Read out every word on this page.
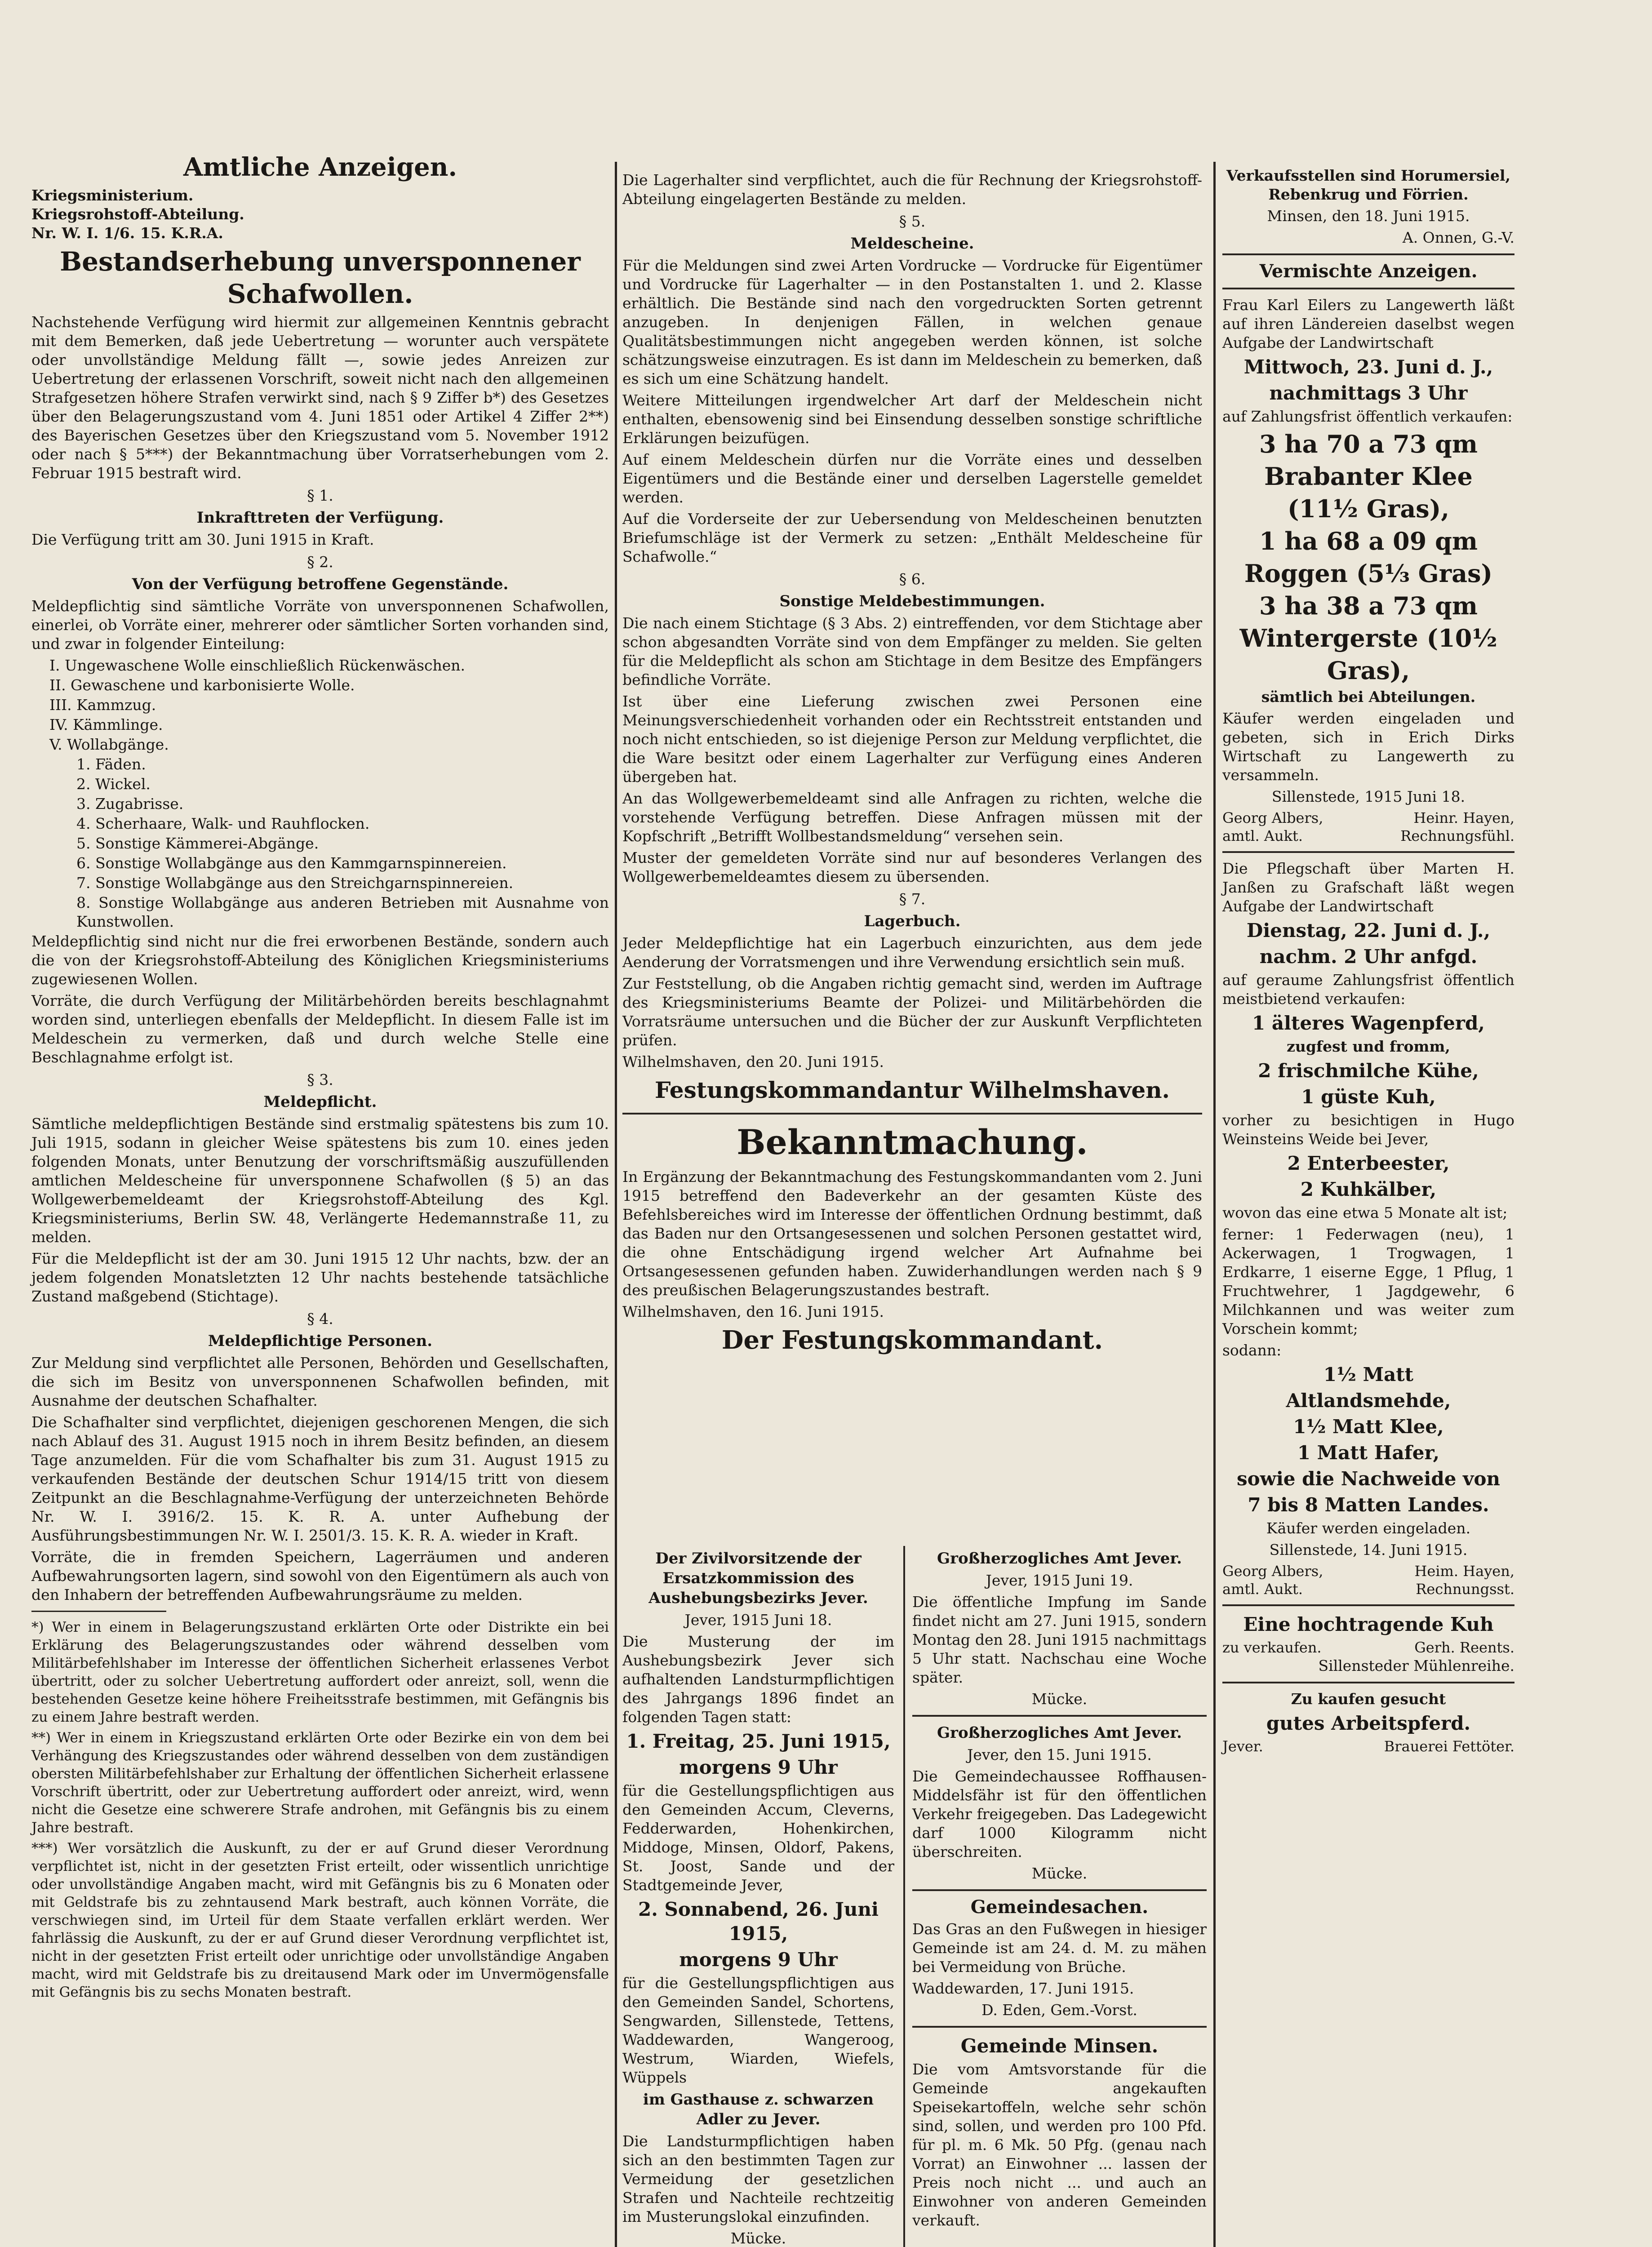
Amtliche Anzeigen.

Kriegsministerium.

Kriegsrohstoff-Abteilung.

Nr. W. I. 1/6. 15. K.R.A.

Bestandserhebung unversponnener Schafwollen.

Nachstehende Verfügung wird hiermit zur allgemeinen Kenntnis gebracht mit dem Bemerken, daß jede Uebertretung — worunter auch verspätete oder unvollständige Meldung fällt —, sowie jedes Anreizen zur Uebertretung der erlassenen Vorschrift, soweit nicht nach den allgemeinen Strafgesetzen höhere Strafen verwirkt sind, nach § 9 Ziffer b*) des Gesetzes über den Belagerungszustand vom 4. Juni 1851 oder Artikel 4 Ziffer 2**) des Bayerischen Gesetzes über den Kriegszustand vom 5. November 1912 oder nach § 5***) der Bekanntmachung über Vorratserhebungen vom 2. Februar 1915 bestraft wird.

§ 1.
Inkrafttreten der Verfügung.

Die Verfügung tritt am 30. Juni 1915 in Kraft.

§ 2.
Von der Verfügung betroffene Gegenstände.

Meldepflichtig sind sämtliche Vorräte von unversponnenen Schafwollen, einerlei, ob Vorräte einer, mehrerer oder sämtlicher Sorten vorhanden sind, und zwar in folgender Einteilung:

I. Ungewaschene Wolle einschließlich Rückenwäschen.

II. Gewaschene und karbonisierte Wolle.

III. Kammzug.

IV. Kämmlinge.

V. Wollabgänge.

1. Fäden.

2. Wickel.

3. Zugabrisse.

4. Scherhaare, Walk- und Rauhflocken.

5. Sonstige Kämmerei-Abgänge.

6. Sonstige Wollabgänge aus den Kammgarnspinnereien.

7. Sonstige Wollabgänge aus den Streichgarnspinnereien.

8. Sonstige Wollabgänge aus anderen Betrieben mit Ausnahme von Kunstwollen.

Meldepflichtig sind nicht nur die frei erworbenen Bestände, sondern auch die von der Kriegsrohstoff-Abteilung des Königlichen Kriegsministeriums zugewiesenen Wollen.

Vorräte, die durch Verfügung der Militärbehörden bereits beschlagnahmt worden sind, unterliegen ebenfalls der Meldepflicht. In diesem Falle ist im Meldeschein zu vermerken, daß und durch welche Stelle eine Beschlagnahme erfolgt ist.

§ 3.
Meldepflicht.

Sämtliche meldepflichtigen Bestände sind erstmalig spätestens bis zum 10. Juli 1915, sodann in gleicher Weise spätestens bis zum 10. eines jeden folgenden Monats, unter Benutzung der vorschriftsmäßig auszufüllenden amtlichen Meldescheine für unversponnene Schafwollen (§ 5) an das Wollgewerbemeldeamt der Kriegsrohstoff-Abteilung des Kgl. Kriegsministeriums, Berlin SW. 48, Verlängerte Hedemannstraße 11, zu melden.

Für die Meldepflicht ist der am 30. Juni 1915 12 Uhr nachts, bzw. der an jedem folgenden Monatsletzten 12 Uhr nachts bestehende tatsächliche Zustand maßgebend (Stichtage).

§ 4.
Meldepflichtige Personen.

Zur Meldung sind verpflichtet alle Personen, Behörden und Gesellschaften, die sich im Besitz von unversponnenen Schafwollen befinden, mit Ausnahme der deutschen Schafhalter.

Die Schafhalter sind verpflichtet, diejenigen geschorenen Mengen, die sich nach Ablauf des 31. August 1915 noch in ihrem Besitz befinden, an diesem Tage anzumelden. Für die vom Schafhalter bis zum 31. August 1915 zu verkaufenden Bestände der deutschen Schur 1914/15 tritt von diesem Zeitpunkt an die Beschlagnahme-Verfügung der unterzeichneten Behörde Nr. W. I. 3916/2. 15. K. R. A. unter Aufhebung der Ausführungsbestimmungen Nr. W. I. 2501/3. 15. K. R. A. wieder in Kraft.

Vorräte, die in fremden Speichern, Lagerräumen und anderen Aufbewahrungsorten lagern, sind sowohl von den Eigentümern als auch von den Inhabern der betreffenden Aufbewahrungsräume zu melden.

*) Wer in einem in Belagerungszustand erklärten Orte oder Distrikte ein bei Erklärung des Belagerungszustandes oder während desselben vom Militärbefehlshaber im Interesse der öffentlichen Sicherheit erlassenes Verbot übertritt, oder zu solcher Uebertretung auffordert oder anreizt, soll, wenn die bestehenden Gesetze keine höhere Freiheitsstrafe bestimmen, mit Gefängnis bis zu einem Jahre bestraft werden.

**) Wer in einem in Kriegszustand erklärten Orte oder Bezirke ein von dem bei Verhängung des Kriegszustandes oder während desselben von dem zuständigen obersten Militärbefehlshaber zur Erhaltung der öffentlichen Sicherheit erlassene Vorschrift übertritt, oder zur Uebertretung auffordert oder anreizt, wird, wenn nicht die Gesetze eine schwerere Strafe androhen, mit Gefängnis bis zu einem Jahre bestraft.

***) Wer vorsätzlich die Auskunft, zu der er auf Grund dieser Verordnung verpflichtet ist, nicht in der gesetzten Frist erteilt, oder wissentlich unrichtige oder unvollständige Angaben macht, wird mit Gefängnis bis zu 6 Monaten oder mit Geldstrafe bis zu zehntausend Mark bestraft, auch können Vorräte, die verschwiegen sind, im Urteil für dem Staate verfallen erklärt werden. Wer fahrlässig die Auskunft, zu der er auf Grund dieser Verordnung verpflichtet ist, nicht in der gesetzten Frist erteilt oder unrichtige oder unvollständige Angaben macht, wird mit Geldstrafe bis zu dreitausend Mark oder im Unvermögensfalle mit Gefängnis bis zu sechs Monaten bestraft.

Die Lagerhalter sind verpflichtet, auch die für Rechnung der Kriegsrohstoff-Abteilung eingelagerten Bestände zu melden.

§ 5.
Meldescheine.

Für die Meldungen sind zwei Arten Vordrucke — Vordrucke für Eigentümer und Vordrucke für Lagerhalter — in den Postanstalten 1. und 2. Klasse erhältlich. Die Bestände sind nach den vorgedruckten Sorten getrennt anzugeben. In denjenigen Fällen, in welchen genaue Qualitätsbestimmungen nicht angegeben werden können, ist solche schätzungsweise einzutragen. Es ist dann im Meldeschein zu bemerken, daß es sich um eine Schätzung handelt.

Weitere Mitteilungen irgendwelcher Art darf der Meldeschein nicht enthalten, ebensowenig sind bei Einsendung desselben sonstige schriftliche Erklärungen beizufügen.

Auf einem Meldeschein dürfen nur die Vorräte eines und desselben Eigentümers und die Bestände einer und derselben Lagerstelle gemeldet werden.

Auf die Vorderseite der zur Uebersendung von Meldescheinen benutzten Briefumschläge ist der Vermerk zu setzen: „Enthält Meldescheine für Schafwolle.“

§ 6.
Sonstige Meldebestimmungen.

Die nach einem Stichtage (§ 3 Abs. 2) eintreffenden, vor dem Stichtage aber schon abgesandten Vorräte sind von dem Empfänger zu melden. Sie gelten für die Meldepflicht als schon am Stichtage in dem Besitze des Empfängers befindliche Vorräte.

Ist über eine Lieferung zwischen zwei Personen eine Meinungsverschiedenheit vorhanden oder ein Rechtsstreit entstanden und noch nicht entschieden, so ist diejenige Person zur Meldung verpflichtet, die die Ware besitzt oder einem Lagerhalter zur Verfügung eines Anderen übergeben hat.

An das Wollgewerbemeldeamt sind alle Anfragen zu richten, welche die vorstehende Verfügung betreffen. Diese Anfragen müssen mit der Kopfschrift „Betrifft Wollbestandsmeldung“ versehen sein.

Muster der gemeldeten Vorräte sind nur auf besonderes Verlangen des Wollgewerbemeldeamtes diesem zu übersenden.

§ 7.
Lagerbuch.

Jeder Meldepflichtige hat ein Lagerbuch einzurichten, aus dem jede Aenderung der Vorratsmengen und ihre Verwendung ersichtlich sein muß.

Zur Feststellung, ob die Angaben richtig gemacht sind, werden im Auftrage des Kriegsministeriums Beamte der Polizei- und Militärbehörden die Vorratsräume untersuchen und die Bücher der zur Auskunft Verpflichteten prüfen.

Wilhelmshaven, den 20. Juni 1915.

Festungskommandantur Wilhelmshaven.
Bekanntmachung.

In Ergänzung der Bekanntmachung des Festungskommandanten vom 2. Juni 1915 betreffend den Badeverkehr an der gesamten Küste des Befehlsbereiches wird im Interesse der öffentlichen Ordnung bestimmt, daß das Baden nur den Ortsangesessenen und solchen Personen gestattet wird, die ohne Entschädigung irgend welcher Art Aufnahme bei Ortsangesessenen gefunden haben. Zuwiderhandlungen werden nach § 9 des preußischen Belagerungszustandes bestraft.

Wilhelmshaven, den 16. Juni 1915.

Der Festungskommandant.
Der Zivilvorsitzende der Ersatzkommission des Aushebungsbezirks Jever.

Jever, 1915 Juni 18.

Die Musterung der im Aushebungsbezirk Jever sich aufhaltenden Landsturmpflichtigen des Jahrgangs 1896 findet an folgenden Tagen statt:

1. Freitag, 25. Juni 1915,
morgens 9 Uhr

für die Gestellungspflichtigen aus den Gemeinden Accum, Cleverns, Fedderwarden, Hohenkirchen, Middoge, Minsen, Oldorf, Pakens, St. Joost, Sande und der Stadtgemeinde Jever,

2. Sonnabend, 26. Juni 1915,
morgens 9 Uhr

für die Gestellungspflichtigen aus den Gemeinden Sandel, Schortens, Sengwarden, Sillenstede, Tettens, Waddewarden, Wangeroog, Westrum, Wiarden, Wiefels, Wüppels

im Gasthause z. schwarzen Adler zu Jever.

Die Landsturmpflichtigen haben sich an den bestimmten Tagen zur Vermeidung der gesetzlichen Strafen und Nachteile rechtzeitig im Musterungslokal einzufinden.

Mücke.

Großherzogliches Amt Jever.

Jever, 1915 Juni 19.

Die öffentliche Impfung im Sande findet nicht am 27. Juni 1915, sondern Montag den 28. Juni 1915 nachmittags 5 Uhr statt. Nachschau eine Woche später.

Mücke.

Großherzogliches Amt Jever.

Jever, den 15. Juni 1915.

Die Gemeindechaussee Roffhausen-Middelsfähr ist für den öffentlichen Verkehr freigegeben. Das Ladegewicht darf 1000 Kilogramm nicht überschreiten.

Mücke.

Gemeindesachen.

Das Gras an den Fußwegen in hiesiger Gemeinde ist am 24. d. M. zu mähen bei Vermeidung von Brüche.

Waddewarden, 17. Juni 1915.

D. Eden, Gem.-Vorst.

Gemeinde Minsen.

Die vom Amtsvorstande für die Gemeinde angekauften Speisekartoffeln, welche sehr schön sind, sollen, und werden pro 100 Pfd. für pl. m. 6 Mk. 50 Pfg. (genau nach Vorrat) an Einwohner ... lassen der Preis noch nicht ... und auch an Einwohner von anderen Gemeinden verkauft.

Verkaufsstellen sind Horumersiel, Rebenkrug und Förrien.

Minsen, den 18. Juni 1915.

A. Onnen, G.-V.

Vermischte Anzeigen.

Frau Karl Eilers zu Langewerth läßt auf ihren Ländereien daselbst wegen Aufgabe der Landwirtschaft

Mittwoch, 23. Juni d. J.,
nachmittags 3 Uhr

auf Zahlungsfrist öffentlich verkaufen:

3 ha 70 a 73 qm
Brabanter Klee
(11½ Gras),
1 ha 68 a 09 qm
Roggen (5⅓ Gras)
3 ha 38 a 73 qm
Wintergerste (10½
Gras),

sämtlich bei Abteilungen.

Käufer werden eingeladen und gebeten, sich in Erich Dirks Wirtschaft zu Langewerth zu versammeln.

Sillenstede, 1915 Juni 18.

Georg Albers,	Heinr. Hayen,
amtl. Aukt.	Rechnungsfühl.

Die Pflegschaft über Marten H. Janßen zu Grafschaft läßt wegen Aufgabe der Landwirtschaft

Dienstag, 22. Juni d. J.,
nachm. 2 Uhr anfgd.

auf geraume Zahlungsfrist öffentlich meistbietend verkaufen:

1 älteres Wagenpferd,

zugfest und fromm,

2 frischmilche Kühe,
1 güste Kuh,

vorher zu besichtigen in Hugo Weinsteins Weide bei Jever,

2 Enterbeester,
2 Kuhkälber,

wovon das eine etwa 5 Monate alt ist;

ferner: 1 Federwagen (neu), 1 Ackerwagen, 1 Trogwagen, 1 Erdkarre, 1 eiserne Egge, 1 Pflug, 1 Fruchtwehrer, 1 Jagdgewehr, 6 Milchkannen und was weiter zum Vorschein kommt;

sodann:

1½ Matt
Altlandsmehde,
1½ Matt Klee,
1 Matt Hafer,
sowie die Nachweide von
7 bis 8 Matten Landes.

Käufer werden eingeladen.

Sillenstede, 14. Juni 1915.

Georg Albers,	Heim. Hayen,
amtl. Aukt.	Rechnungsst.
Eine hochtragende Kuh
zu verkaufen.	Gerh. Reents.

Sillensteder Mühlenreihe.

Zu kaufen gesucht

gutes Arbeitspferd.
Jever.	Brauerei Fettöter.
